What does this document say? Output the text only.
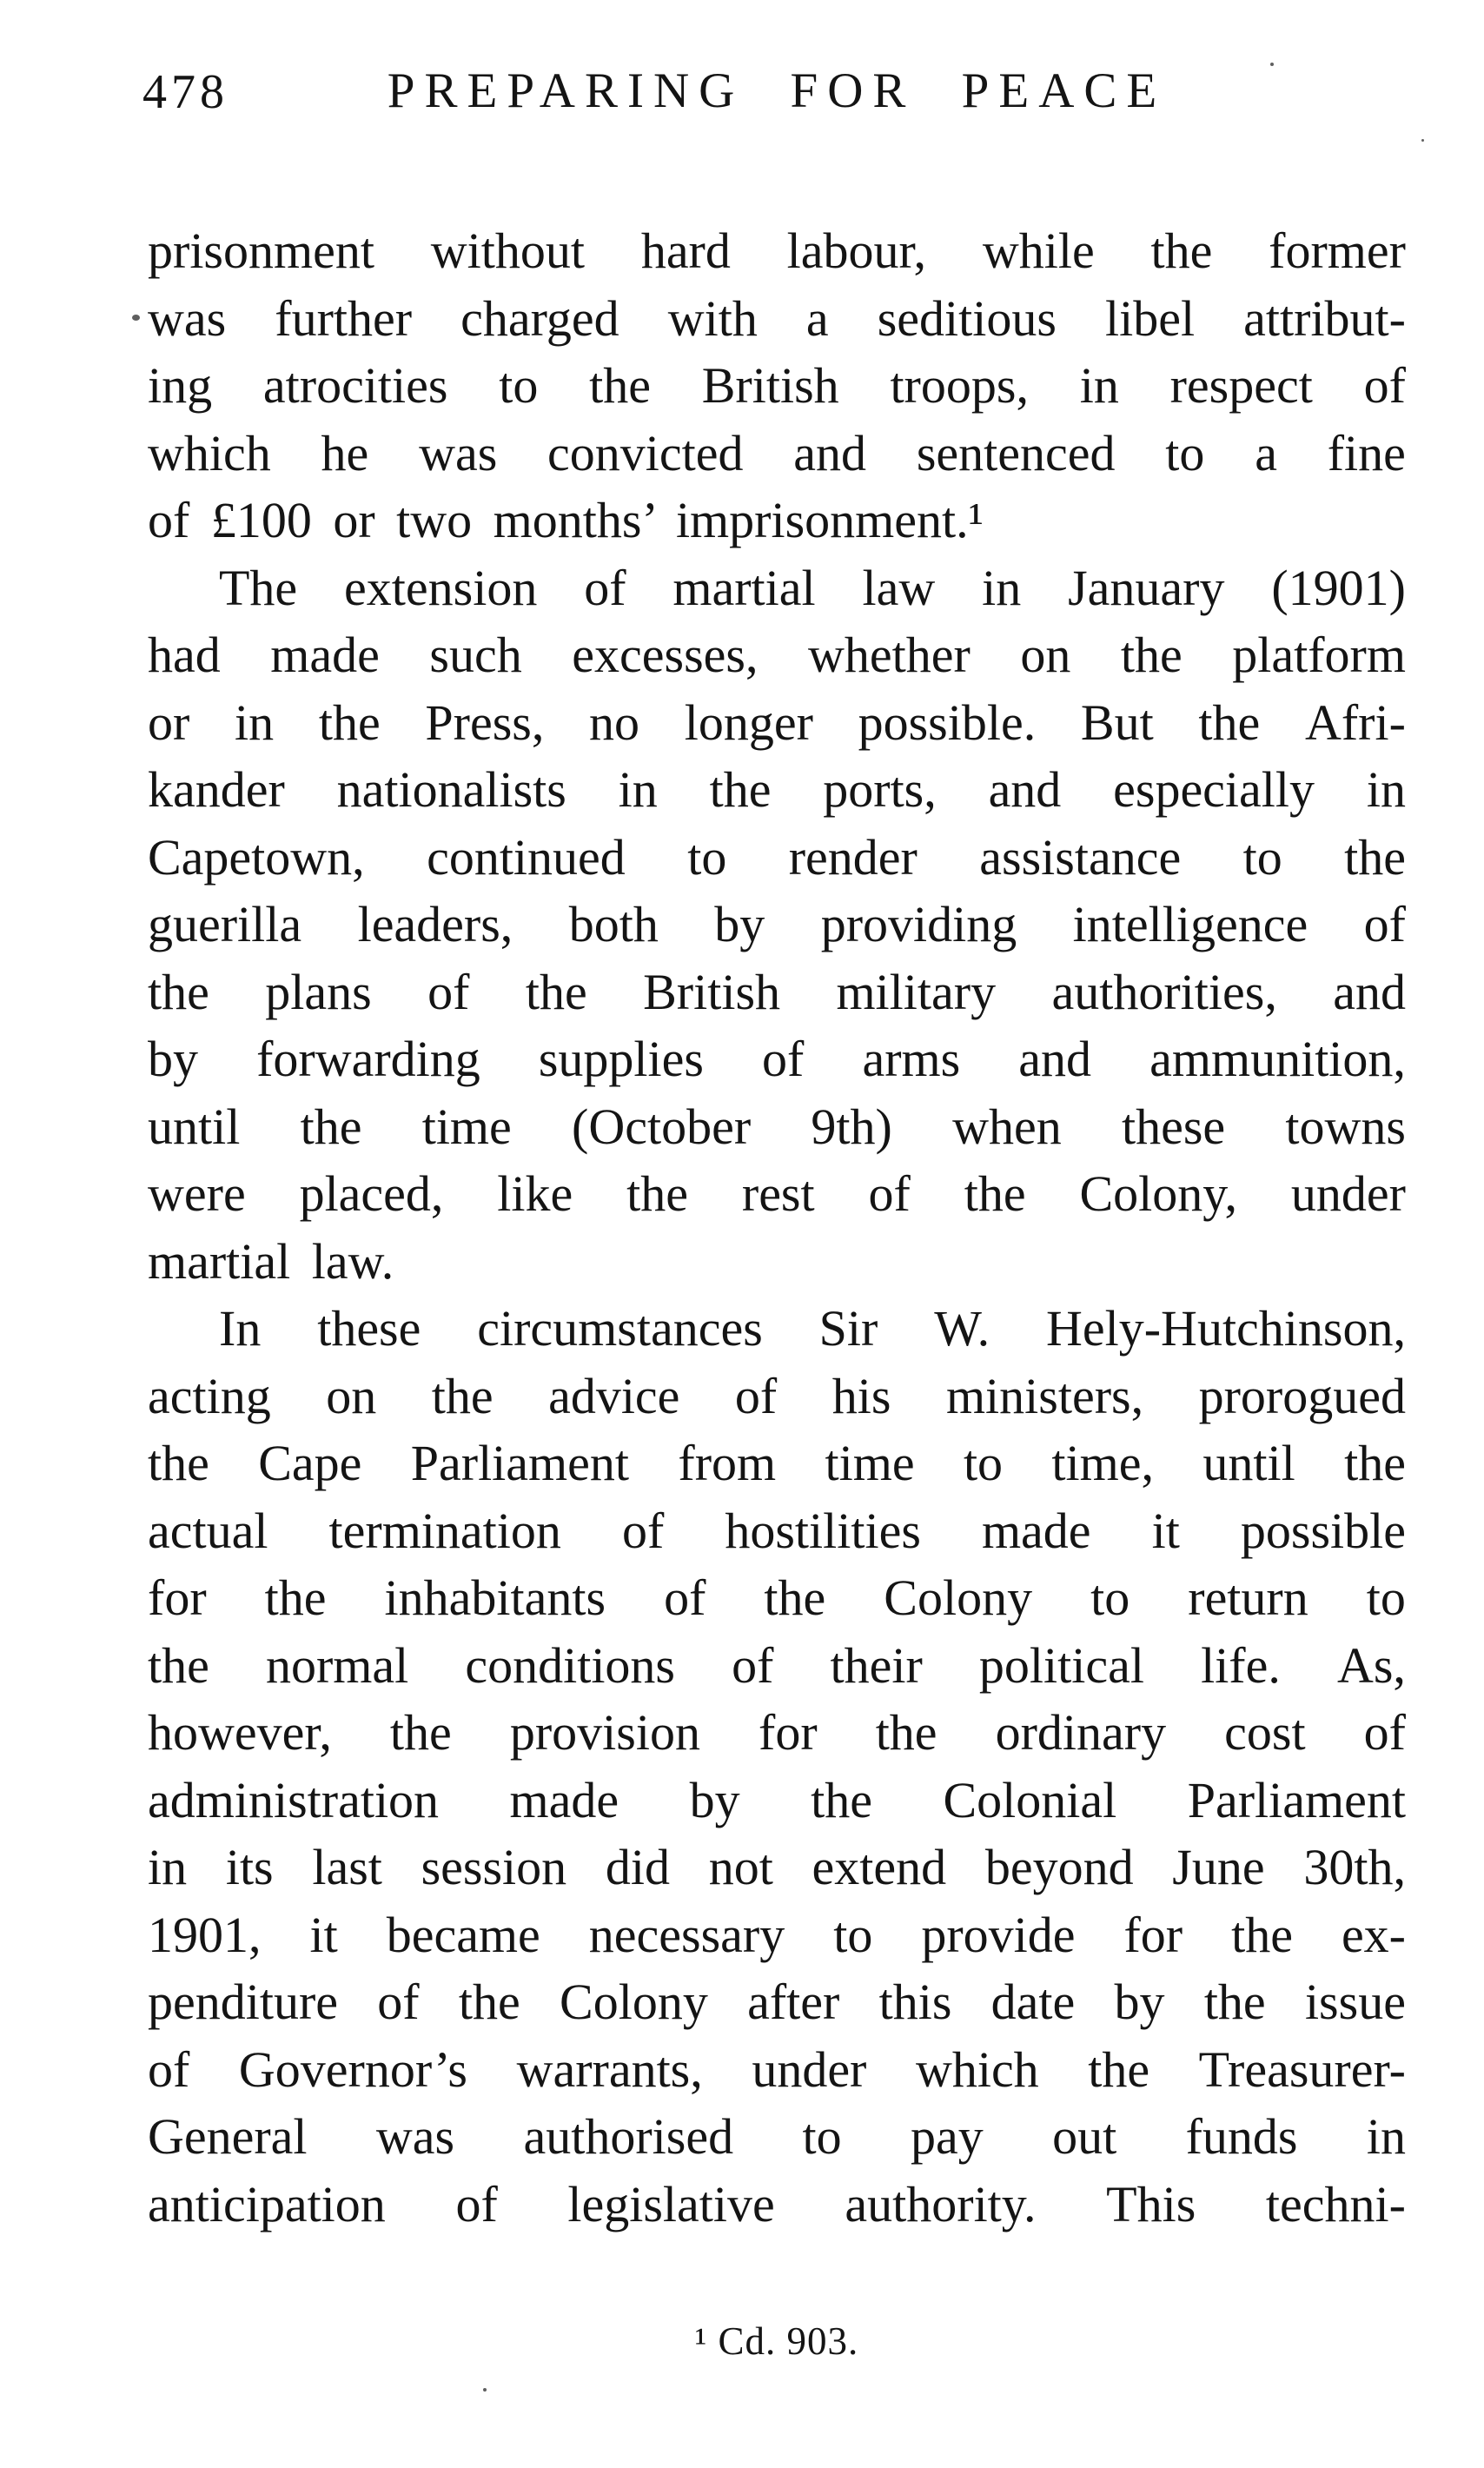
478	PREPARING FOR PEACE
prisonment without hard labour, while the former
was further charged with a seditious libel attribut-
ing atrocities to the British troops, in respect of
which he was convicted and sentenced to a fine
of £100 or two months’ imprisonment.¹
The extension of martial law in January (1901)
had made such excesses, whether on the platform
or in the Press, no longer possible. But the Afri-
kander nationalists in the ports, and especially in
Capetown, continued to render assistance to the
guerilla leaders, both by providing intelligence of
the plans of the British military authorities, and
by forwarding supplies of arms and ammunition,
until the time (October 9th) when these towns
were placed, like the rest of the Colony, under
martial law.
In these circumstances Sir W. Hely-Hutchinson,
acting on the advice of his ministers, prorogued
the Cape Parliament from time to time, until the
actual termination of hostilities made it possible
for the inhabitants of the Colony to return to
the normal conditions of their political life. As,
however, the provision for the ordinary cost of
administration made by the Colonial Parliament
in its last session did not extend beyond June 30th,
1901, it became necessary to provide for the ex-
penditure of the Colony after this date by the issue
of Governor’s warrants, under which the Treasurer-
General was authorised to pay out funds in
anticipation of legislative authority. This techni-
¹ Cd. 903.
